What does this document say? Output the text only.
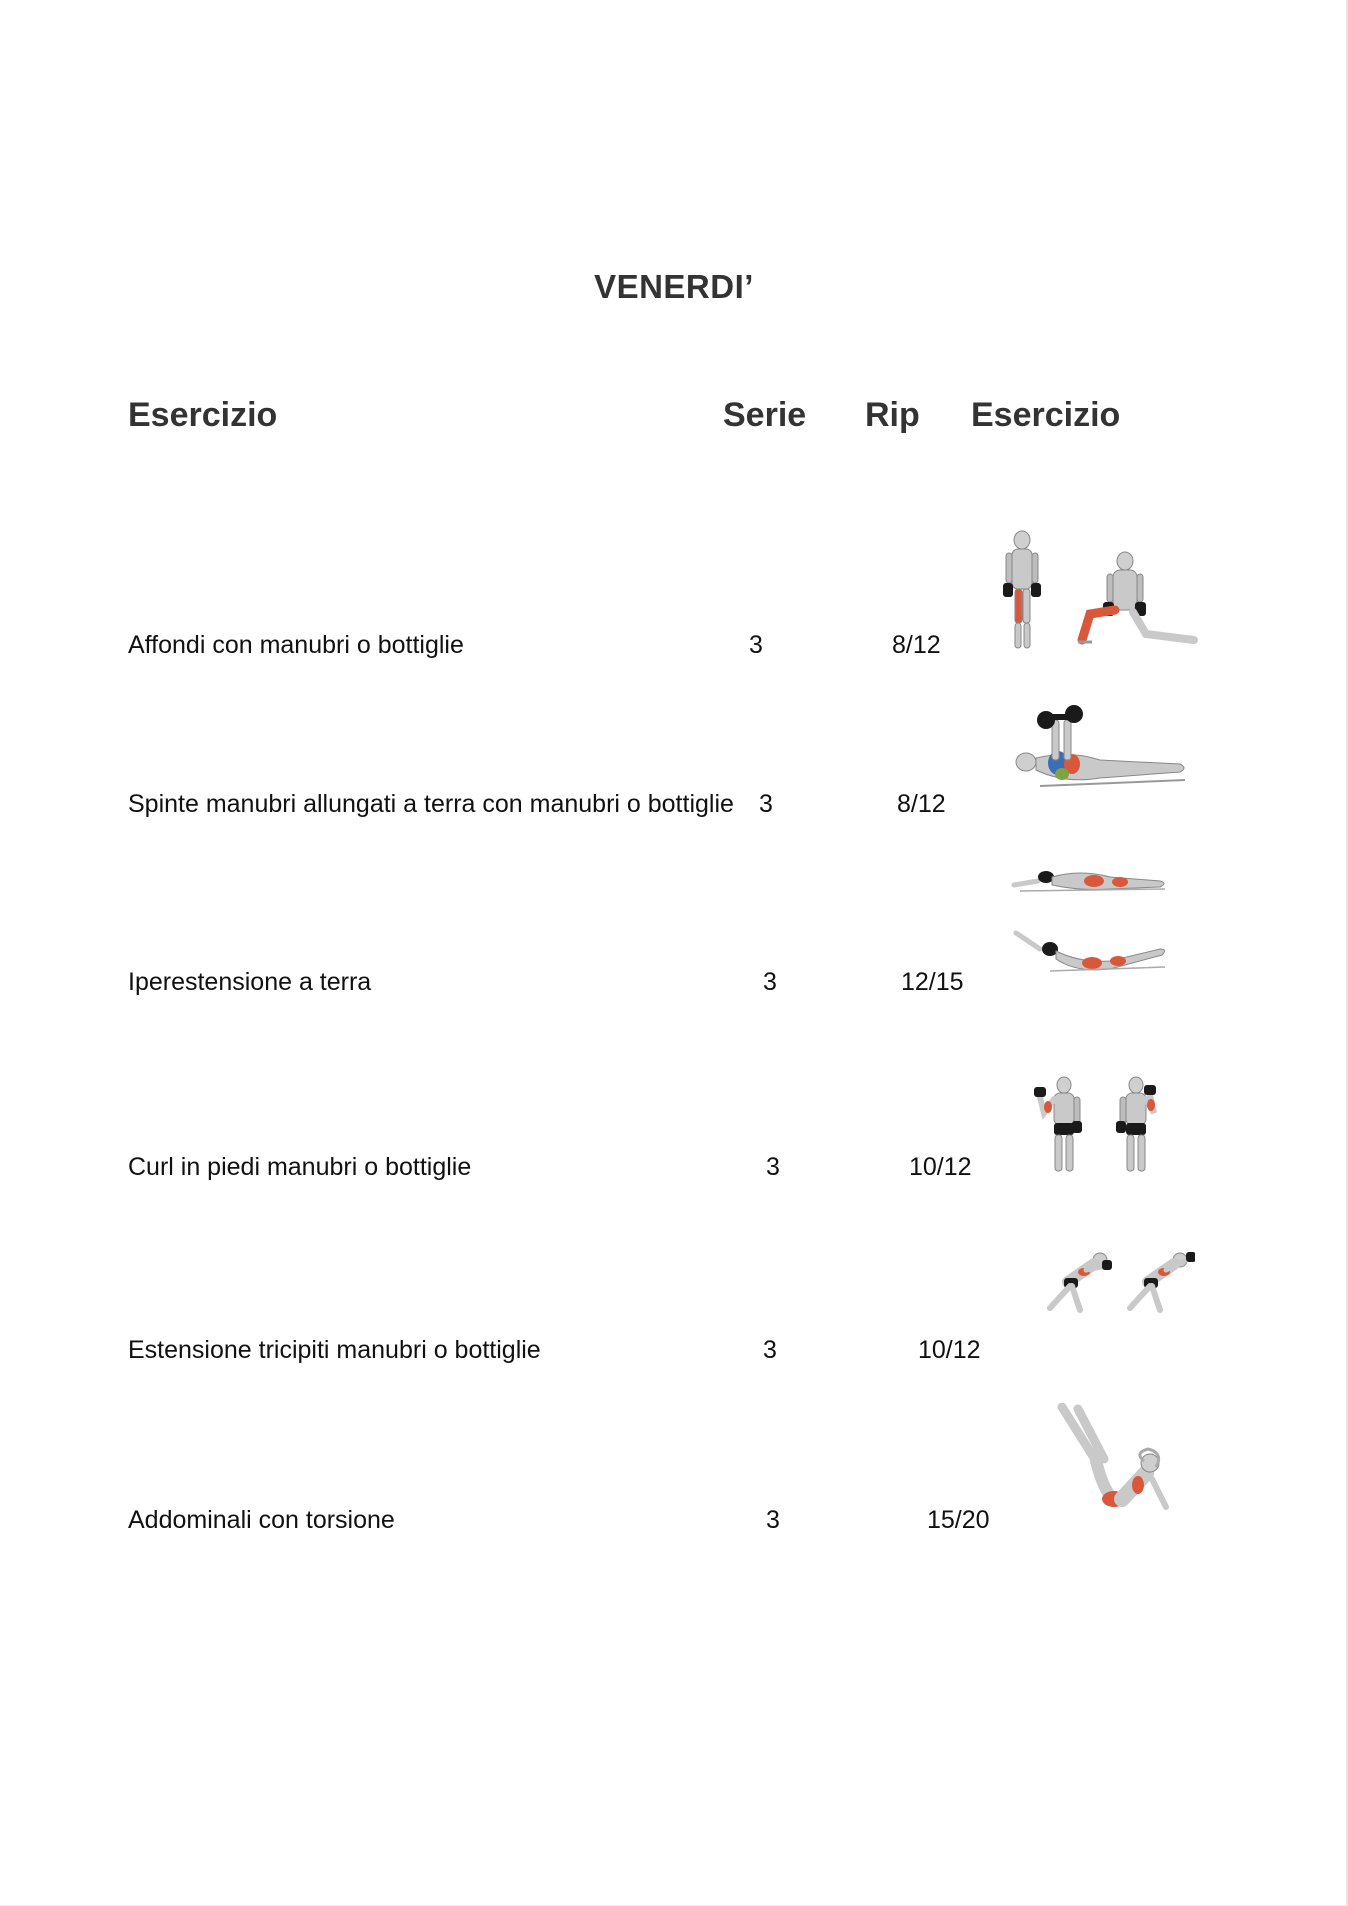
VENERDI’
Esercizio	Serie Rip Esercizio
Affondi con manubri o bottiglie	3	8/12
Spinte manubri allungati a terra con manubri o bottiglie 3	8/12
Iperestensione a terra	3	12/15
Curl in piedi manubri o bottiglie	3	10/12
Estensione tricipiti manubri o bottiglie	3	10/12
Addominali con torsione	3	15/20
